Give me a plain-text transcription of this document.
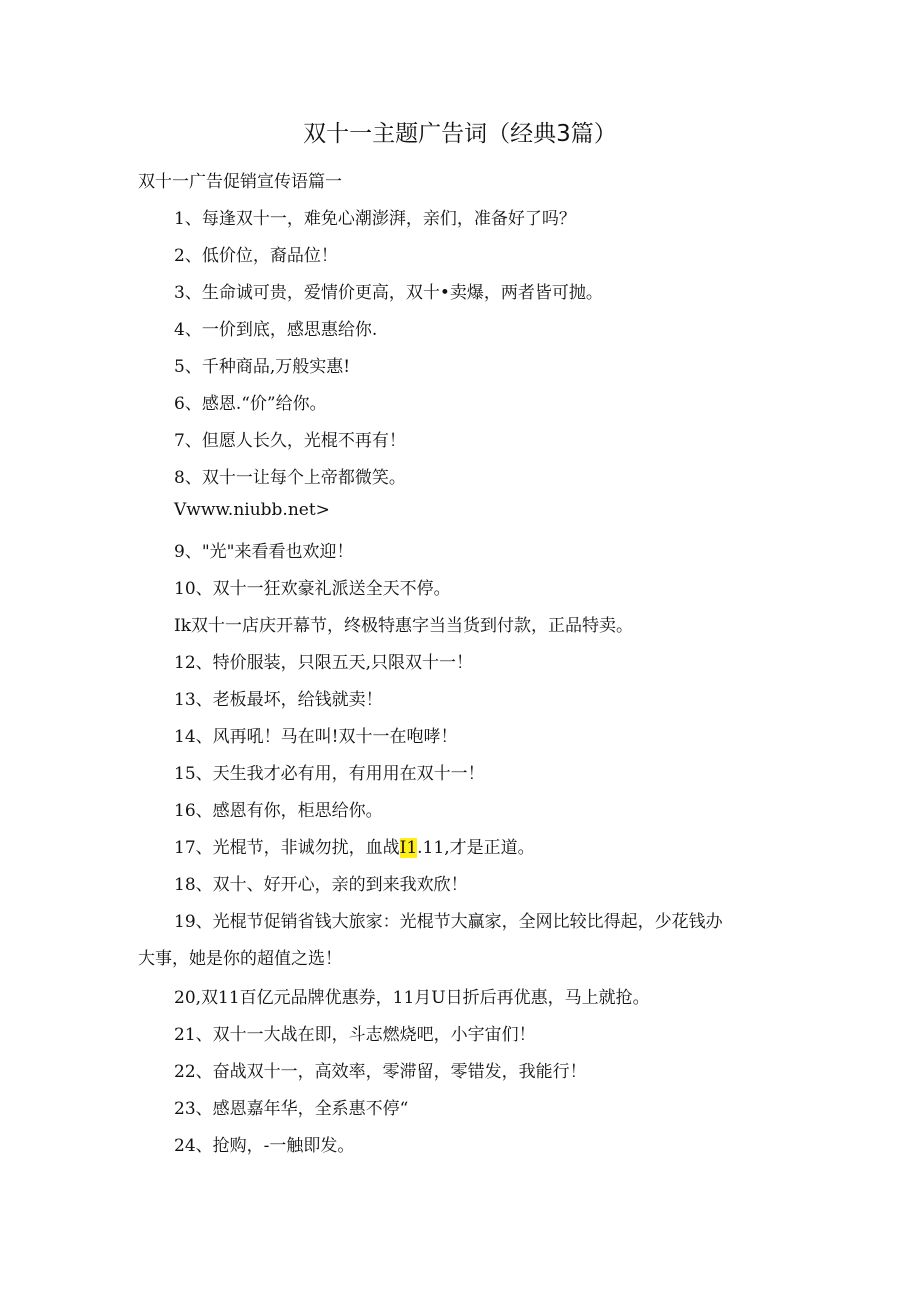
双十一主题广告词（经典3篇）
双十一广告促销宣传语篇一
1、每逢双十一，难免心潮澎湃，亲们，准备好了吗？
2、低价位，裔品位！
3、生命诚可贵，爱情价更高，双十•卖爆，两者皆可抛。
4、一价到底，感思惠给你.
5、千种商品,万般实惠!
6、感恩.“价”给你。
7、但愿人长久，光棍不再有！
8、双十一让每个上帝都微笑。
Vwww.niubb.net>
9、"光"来看看也欢迎！
10、双十一狂欢豪礼派送全天不停。
Ik双十一店庆开幕节，终极特惠字当当货到付款，正品特卖。
12、特价服装，只限五天,只限双十一！
13、老板最坏，给钱就卖！
14、风再吼！马在叫!双十一在咆哮！
15、天生我才必有用，有用用在双十一！
16、感恩有你，柜思给你。
17、光棍节，非诚勿扰，血战I1.11,才是正道。
18、双十、好开心，亲的到来我欢欣！
19、光棍节促销省钱大旅家：光棍节大赢家，全网比较比得起，少花钱办
大事，她是你的超值之选！
20,双11百亿元品牌优惠券，11月U日折后再优惠，马上就抢。
21、双十一大战在即，斗志燃烧吧，小宇宙们！
22、奋战双十一，高效率，零滞留，零错发，我能行！
23、感恩嘉年华，全系惠不停“
24、抢购，-一触即发。
